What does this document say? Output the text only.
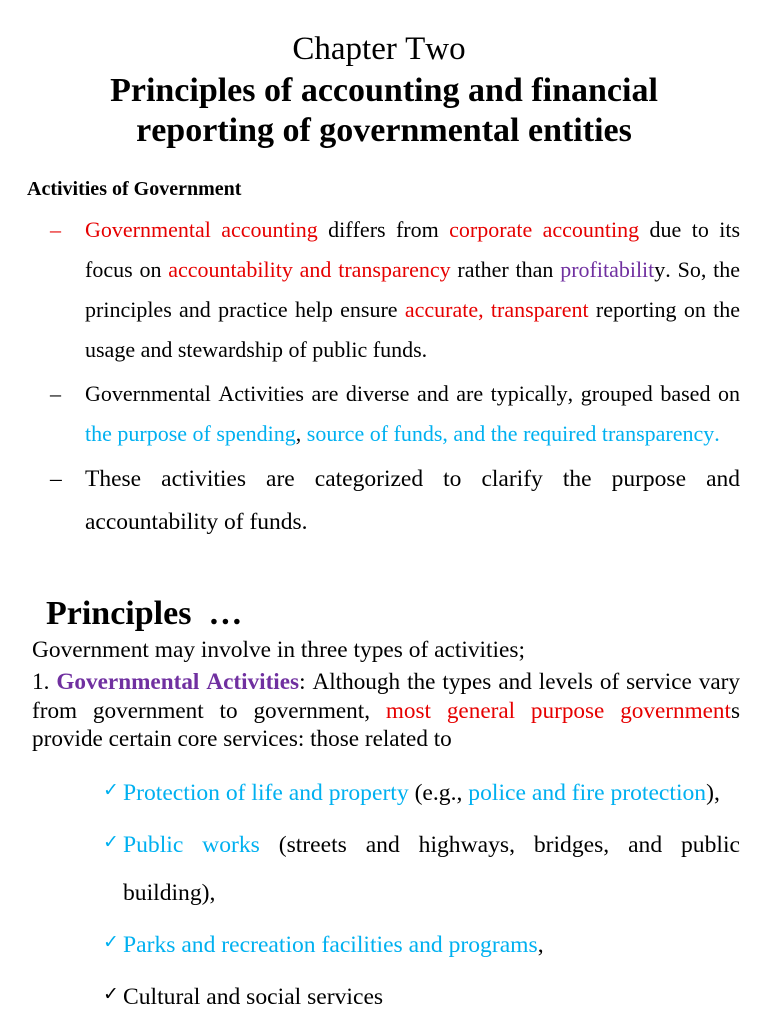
Chapter Two
Principles of accounting and financial reporting of governmental entities
Activities of Government
– Governmental accounting differs from corporate accounting due to its focus on accountability and transparency rather than profitability. So, the principles and practice help ensure accurate, transparent reporting on the usage and stewardship of public funds.
– Governmental Activities are diverse and are typically, grouped based on the purpose of spending, source of funds, and the required transparency.
– These activities are categorized to clarify the purpose and accountability of funds.
Principles  …
Government may involve in three types of activities;
1. Governmental Activities: Although the types and levels of service vary from government to government, most general purpose governments provide certain core services: those related to
✓ Protection of life and property (e.g., police and fire protection),
✓ Public works (streets and highways, bridges, and public building),
✓ Parks and recreation facilities and programs,
✓ Cultural and social services
